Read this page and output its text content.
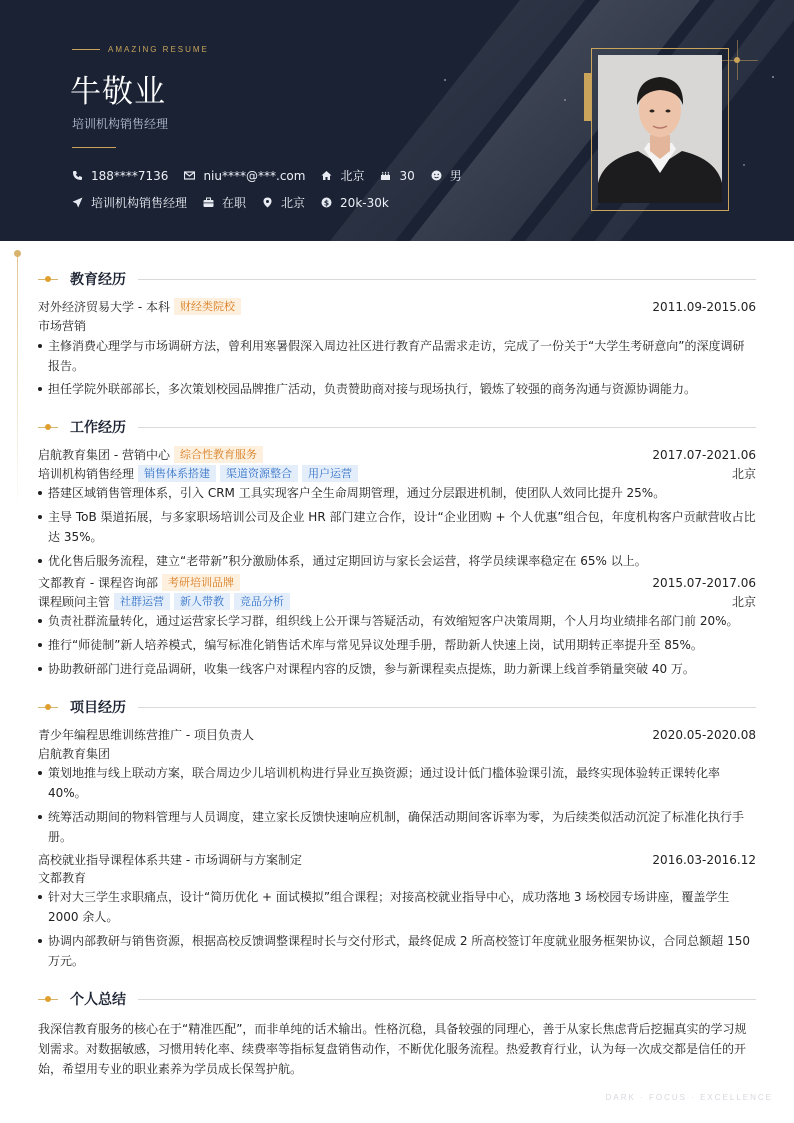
AMAZING RESUME
牛敬业
培训机构销售经理
188****7136	niu****@***.com	北京	30	男
培训机构销售经理	在职	北京	$ 20k-30k
教育经历
对外经济贸易大学 - 本科 财经类院校	2011.09-2015.06
市场营销
主修消费心理学与市场调研方法，曾利用寒暑假深入周边社区进行教育产品需求走访，完成了一份关于“大学生考研意向”的深度调研报告。
担任学院外联部部长，多次策划校园品牌推广活动，负责赞助商对接与现场执行，锻炼了较强的商务沟通与资源协调能力。
工作经历
启航教育集团 - 营销中心 综合性教育服务	2017.07-2021.06
培训机构销售经理 销售体系搭建	渠道资源整合	用户运营	北京
搭建区域销售管理体系，引入 CRM 工具实现客户全生命周期管理，通过分层跟进机制，使团队人效同比提升 25%。
主导 ToB 渠道拓展，与多家职场培训公司及企业 HR 部门建立合作，设计“企业团购 + 个人优惠”组合包，年度机构客户贡献营收占比达 35%。
优化售后服务流程，建立“老带新”积分激励体系，通过定期回访与家长会运营，将学员续课率稳定在 65% 以上。
文都教育 - 课程咨询部 考研培训品牌	2015.07-2017.06
课程顾问主管 社群运营	新人带教	竞品分析	北京
负责社群流量转化，通过运营家长学习群，组织线上公开课与答疑活动，有效缩短客户决策周期，个人月均业绩排名部门前 20%。
推行“师徒制”新人培养模式，编写标准化销售话术库与常见异议处理手册，帮助新人快速上岗，试用期转正率提升至 85%。
协助教研部门进行竞品调研，收集一线客户对课程内容的反馈，参与新课程卖点提炼，助力新课上线首季销量突破 40 万。
项目经历
青少年编程思维训练营推广 - 项目负责人	2020.05-2020.08
启航教育集团
策划地推与线上联动方案，联合周边少儿培训机构进行异业互换资源；通过设计低门槛体验课引流，最终实现体验转正课转化率 40%。
统筹活动期间的物料管理与人员调度，建立家长反馈快速响应机制，确保活动期间客诉率为零，为后续类似活动沉淀了标准化执行手册。
高校就业指导课程体系共建 - 市场调研与方案制定	2016.03-2016.12
文都教育
针对大三学生求职痛点，设计“简历优化 + 面试模拟”组合课程；对接高校就业指导中心，成功落地 3 场校园专场讲座，覆盖学生 2000 余人。
协调内部教研与销售资源，根据高校反馈调整课程时长与交付形式，最终促成 2 所高校签订年度就业服务框架协议，合同总额超 150 万元。
个人总结
我深信教育服务的核心在于“精准匹配”，而非单纯的话术输出。性格沉稳，具备较强的同理心，善于从家长焦虑背后挖掘真实的学习规划需求。对数据敏感，习惯用转化率、续费率等指标复盘销售动作，不断优化服务流程。热爱教育行业，认为每一次成交都是信任的开始，希望用专业的职业素养为学员成长保驾护航。
DARK · FOCUS · EXCELLENCE
